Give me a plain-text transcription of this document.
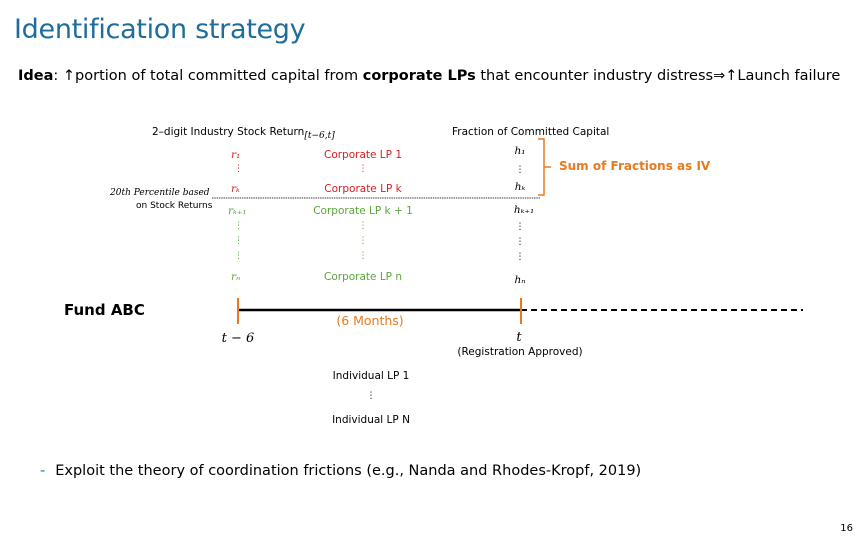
Identification strategy
Idea: ↑portion of total committed capital from corporate LPs that encounter industry distress⇒↑Launch failure
2–digit Industry Stock Return[t−6,t]	Fraction of Committed Capital
20th Percentile based
on Stock Returns
r₁
⋮
rₖ
rₖ₊₁
⋮
⋮
⋮
rₙ
Corporate LP 1
⋮
Corporate LP k
Corporate LP k + 1
⋮
⋮
⋮
Corporate LP n
h₁
⋮
hₖ
hₖ₊₁
⋮
⋮
⋮
hₙ
Sum of Fractions as IV
Fund ABC
(6 Months)
t − 6	t
(Registration Approved)
Individual LP 1
⋮
Individual LP N
- Exploit the theory of coordination frictions (e.g., Nanda and Rhodes-Kropf, 2019)
16
